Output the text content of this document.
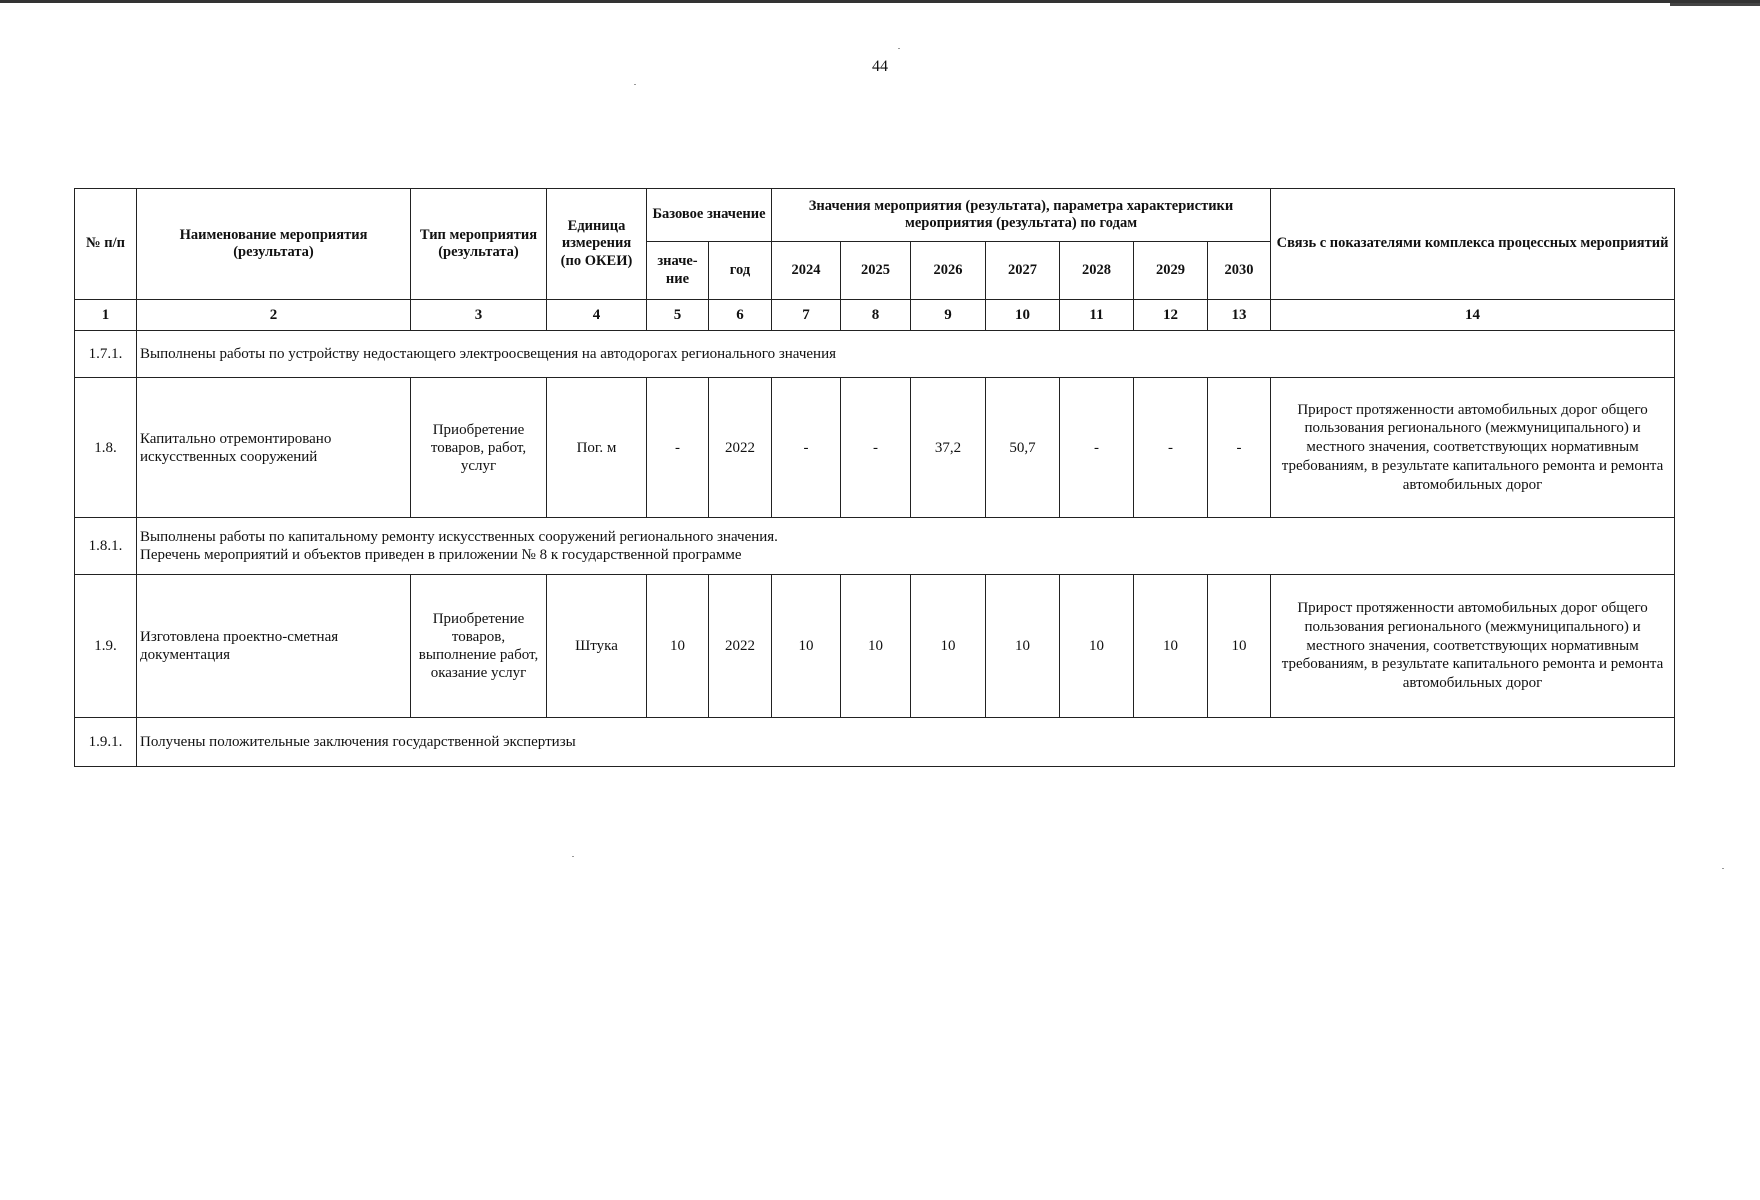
44
№ п/п	Наименование мероприятия (результата)	Тип мероприятия (результата)	Единица измерения (по ОКЕИ)	Базовое значение		Значения мероприятия (результата), параметра характеристики мероприятия (результата) по годам							Связь с показателями комплекса процессных мероприятий
				значе-ние	год	2024	2025	2026	2027	2028	2029	2030	
1	2	3	4	5	6	7	8	9	10	11	12	13	14
1.7.1.	Выполнены работы по устройству недостающего электроосвещения на автодорогах регионального значения												
1.8.	Капитально отремонтировано искусственных сооружений	Приобретение товаров, работ, услуг	Пог. м	-	2022	-	-	37,2	50,7	-	-	-	Прирост протяженности автомобильных дорог общего пользования регионального (межмуниципального) и местного значения, соответствующих нормативным требованиям, в результате капитального ремонта и ремонта автомобильных дорог
1.8.1.	Выполнены работы по капитальному ремонту искусственных сооружений регионального значения.
Перечень мероприятий и объектов приведен в приложении № 8 к государственной программе												

1.9.	Изготовлена проектно-сметная документация	Приобретение товаров, выполнение работ, оказание услуг	Штука	10	2022	10	10	10	10	10	10	10	Прирост протяженности автомобильных дорог общего пользования регионального (межмуниципального) и местного значения, соответствующих нормативным требованиям, в результате капитального ремонта и ремонта автомобильных дорог
1.9.1.	Получены положительные заключения государственной экспертизы												
